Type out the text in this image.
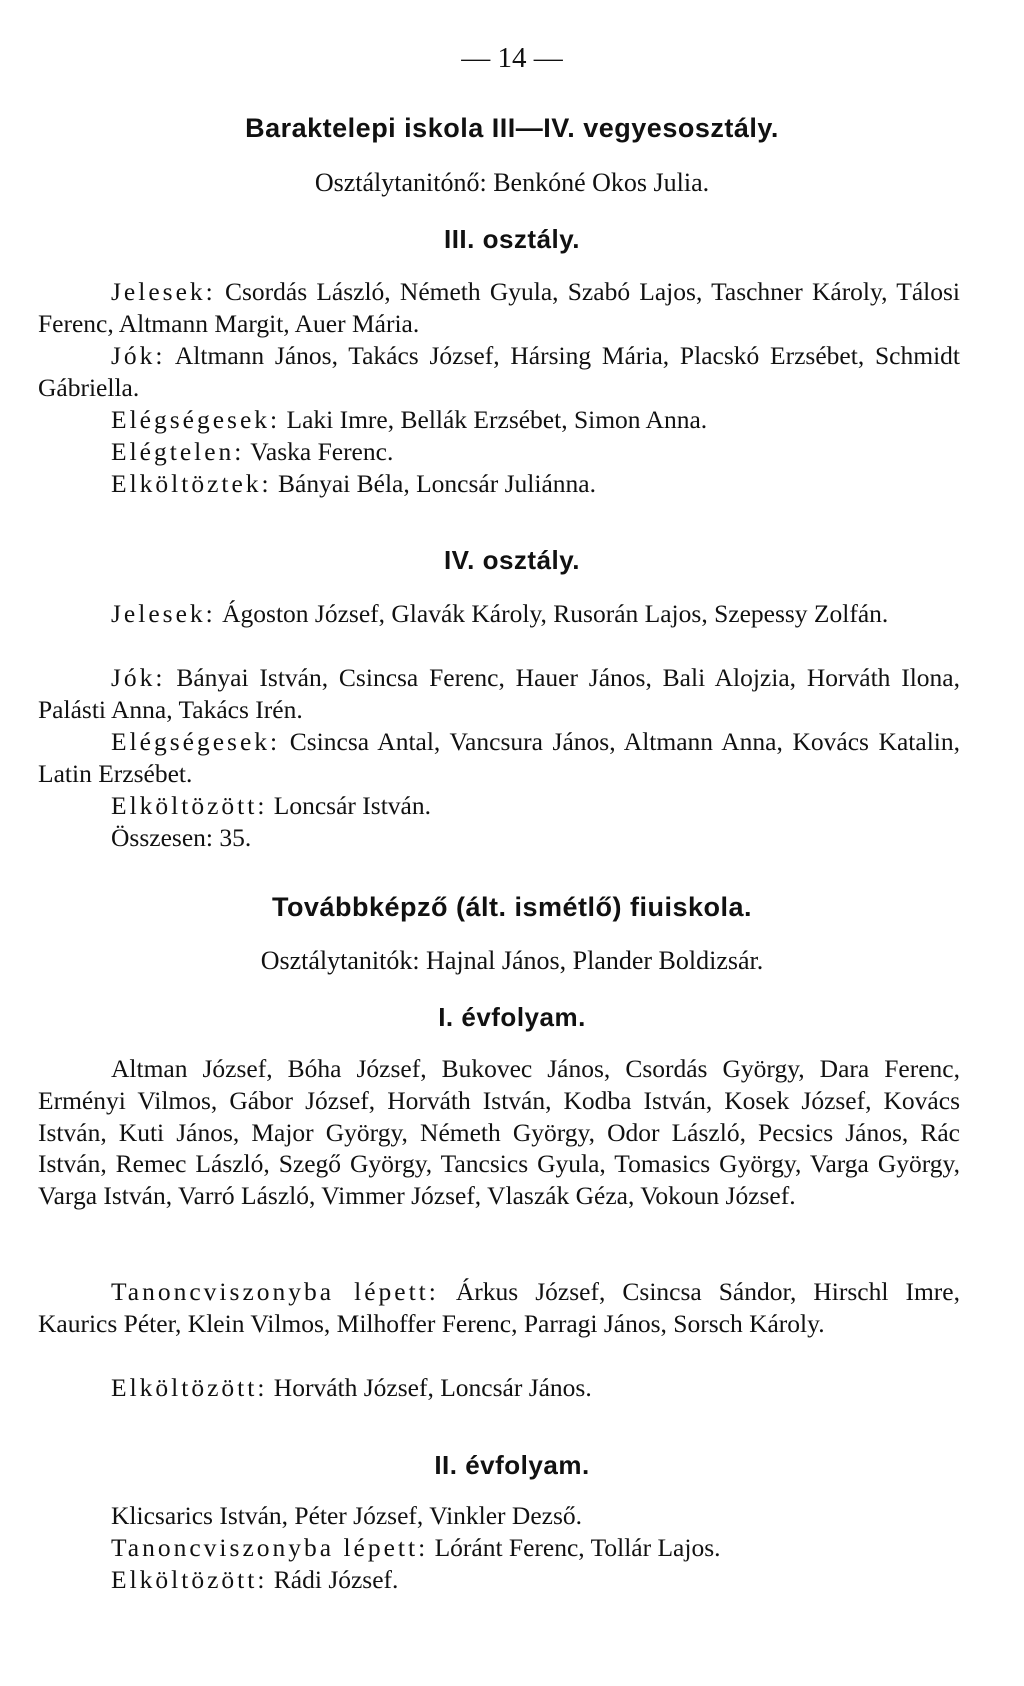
— 14 —
Baraktelepi iskola III—IV. vegyesosztály.
Osztálytanitónő: Benkóné Okos Julia.
III. osztály.

Jelesek: Csordás László, Németh Gyula, Szabó Lajos, Taschner Károly, Tálosi Ferenc, Altmann Margit, Auer Mária.

Jók: Altmann János, Takács József, Hársing Mária, Placskó Erzsébet, Schmidt Gábriella.

Elégségesek: Laki Imre, Bellák Erzsébet, Simon Anna.

Elégtelen: Vaska Ferenc.

Elköltöztek: Bányai Béla, Loncsár Juliánna.

IV. osztály.

Jelesek: Ágoston József, Glavák Károly, Rusorán Lajos, Szepessy Zolfán.

Jók: Bányai István, Csincsa Ferenc, Hauer János, Bali Alojzia, Horváth Ilona, Palásti Anna, Takács Irén.

Elégségesek: Csincsa Antal, Vancsura János, Altmann Anna, Kovács Katalin, Latin Erzsébet.

Elköltözött: Loncsár István.

Összesen: 35.

Továbbképző (ált. ismétlő) fiuiskola.
Osztálytanitók: Hajnal János, Plander Boldizsár.
I. évfolyam.

Altman József, Bóha József, Bukovec János, Csordás György, Dara Ferenc, Erményi Vilmos, Gábor József, Horváth István, Kodba István, Kosek József, Kovács István, Kuti János, Major György, Németh György, Odor László, Pecsics János, Rác István, Remec László, Szegő György, Tancsics Gyula, Tomasics György, Varga György, Varga István, Varró László, Vimmer József, Vlaszák Géza, Vokoun József.

Tanoncviszonyba lépett: Árkus József, Csincsa Sándor, Hirschl Imre, Kaurics Péter, Klein Vilmos, Milhoffer Ferenc, Parragi János, Sorsch Károly.

Elköltözött: Horváth József, Loncsár János.

II. évfolyam.

Klicsarics István, Péter József, Vinkler Dezső.

Tanoncviszonyba lépett: Lóránt Ferenc, Tollár Lajos.

Elköltözött: Rádi József.
